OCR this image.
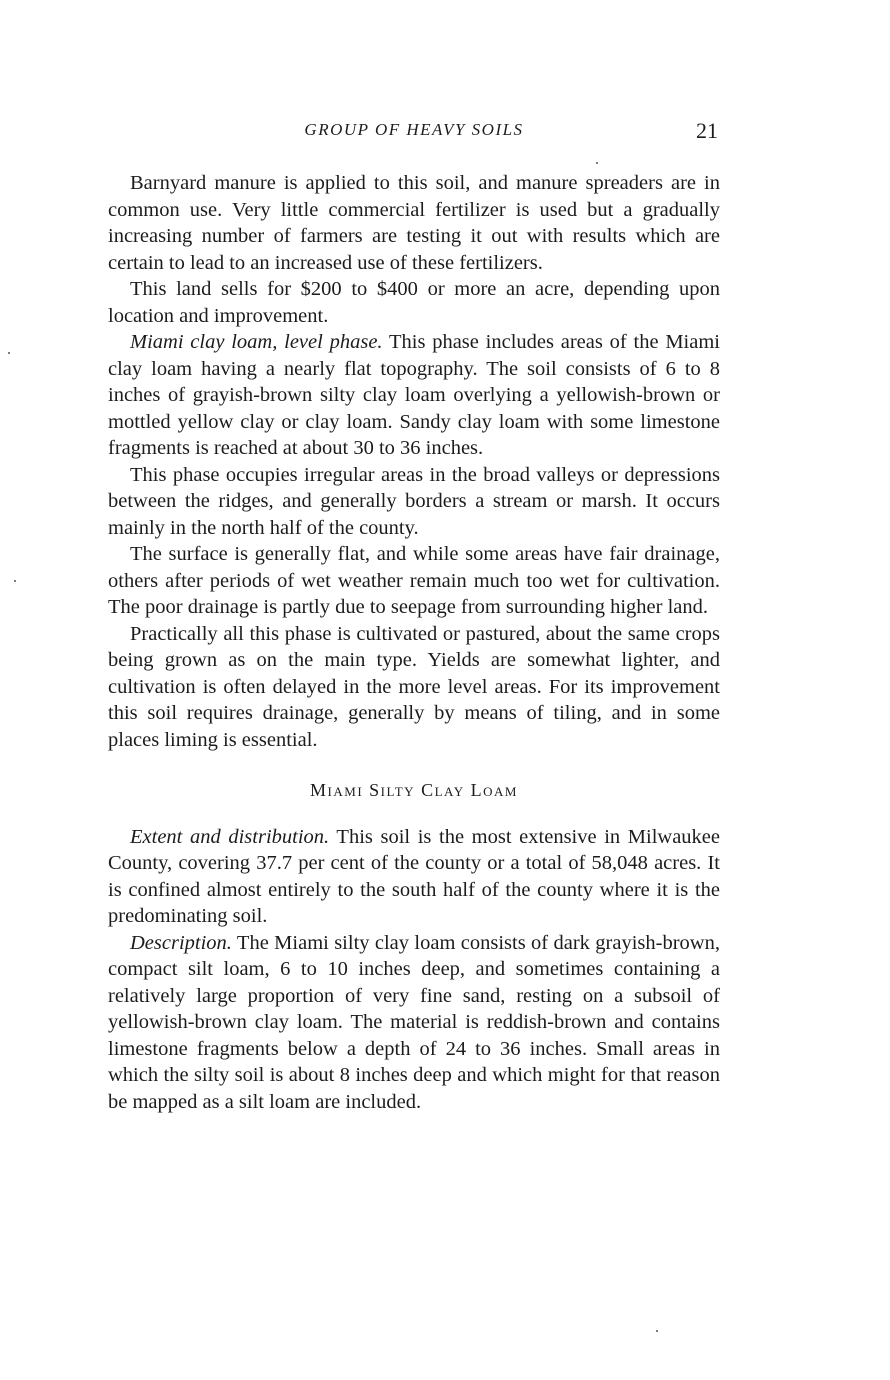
GROUP OF HEAVY SOILS	21

Barnyard manure is applied to this soil, and manure spreaders are in common use. Very little commercial fertilizer is used but a gradually increasing number of farmers are testing it out with results which are certain to lead to an increased use of these fertilizers.

This land sells for $200 to $400 or more an acre, depending upon location and improvement.

Miami clay loam, level phase. This phase includes areas of the Miami clay loam having a nearly flat topography. The soil consists of 6 to 8 inches of grayish-brown silty clay loam overlying a yellowish-brown or mottled yellow clay or clay loam. Sandy clay loam with some limestone fragments is reached at about 30 to 36 inches.

This phase occupies irregular areas in the broad valleys or depressions between the ridges, and generally borders a stream or marsh. It occurs mainly in the north half of the county.

The surface is generally flat, and while some areas have fair drainage, others after periods of wet weather remain much too wet for cultivation. The poor drainage is partly due to seepage from surrounding higher land.

Practically all this phase is cultivated or pastured, about the same crops being grown as on the main type. Yields are somewhat lighter, and cultivation is often delayed in the more level areas. For its improvement this soil requires drainage, generally by means of tiling, and in some places liming is essential.

Miami Silty Clay Loam

Extent and distribution. This soil is the most extensive in Milwaukee County, covering 37.7 per cent of the county or a total of 58,048 acres. It is confined almost entirely to the south half of the county where it is the predominating soil.

Description. The Miami silty clay loam consists of dark grayish-brown, compact silt loam, 6 to 10 inches deep, and sometimes containing a relatively large proportion of very fine sand, resting on a subsoil of yellowish-brown clay loam. The material is reddish-brown and contains limestone fragments below a depth of 24 to 36 inches. Small areas in which the silty soil is about 8 inches deep and which might for that reason be mapped as a silt loam are included.
